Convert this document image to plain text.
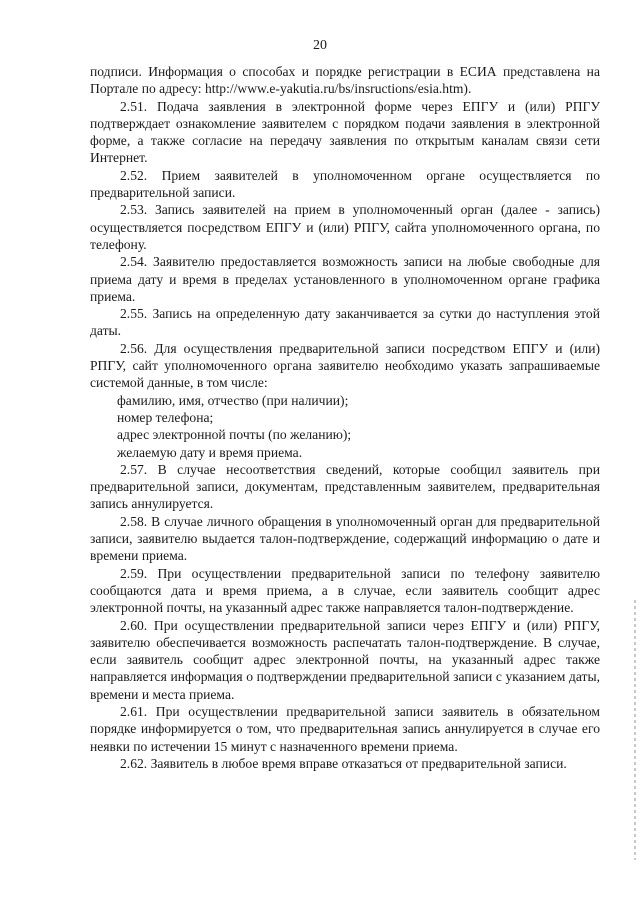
20

подписи. Информация о способах и порядке регистрации в ЕСИА представлена на Портале по адресу: http://www.e-yakutia.ru/bs/insructions/esia.htm).

2.51. Подача заявления в электронной форме через ЕПГУ и (или) РПГУ подтверждает ознакомление заявителем с порядком подачи заявления в электронной форме, а также согласие на передачу заявления по открытым каналам связи сети Интернет.

2.52. Прием заявителей в уполномоченном органе осуществляется по предварительной записи.

2.53. Запись заявителей на прием в уполномоченный орган (далее - запись) осуществляется посредством ЕПГУ и (или) РПГУ, сайта уполномоченного органа, по телефону.

2.54. Заявителю предоставляется возможность записи на любые свободные для приема дату и время в пределах установленного в уполномоченном органе графика приема.

2.55. Запись на определенную дату заканчивается за сутки до наступления этой даты.

2.56. Для осуществления предварительной записи посредством ЕПГУ и (или) РПГУ, сайт уполномоченного органа заявителю необходимо указать запрашиваемые системой данные, в том числе:

фамилию, имя, отчество (при наличии);

номер телефона;

адрес электронной почты (по желанию);

желаемую дату и время приема.

2.57. В случае несоответствия сведений, которые сообщил заявитель при предварительной записи, документам, представленным заявителем, предварительная запись аннулируется.

2.58. В случае личного обращения в уполномоченный орган для предварительной записи, заявителю выдается талон-подтверждение, содержащий информацию о дате и времени приема.

2.59. При осуществлении предварительной записи по телефону заявителю сообщаются дата и время приема, а в случае, если заявитель сообщит адрес электронной почты, на указанный адрес также направляется талон-подтверждение.

2.60. При осуществлении предварительной записи через ЕПГУ и (или) РПГУ, заявителю обеспечивается возможность распечатать талон-подтверждение. В случае, если заявитель сообщит адрес электронной почты, на указанный адрес также направляется информация о подтверждении предварительной записи с указанием даты, времени и места приема.

2.61. При осуществлении предварительной записи заявитель в обязательном порядке информируется о том, что предварительная запись аннулируется в случае его неявки по истечении 15 минут с назначенного времени приема.

2.62. Заявитель в любое время вправе отказаться от предварительной записи.
